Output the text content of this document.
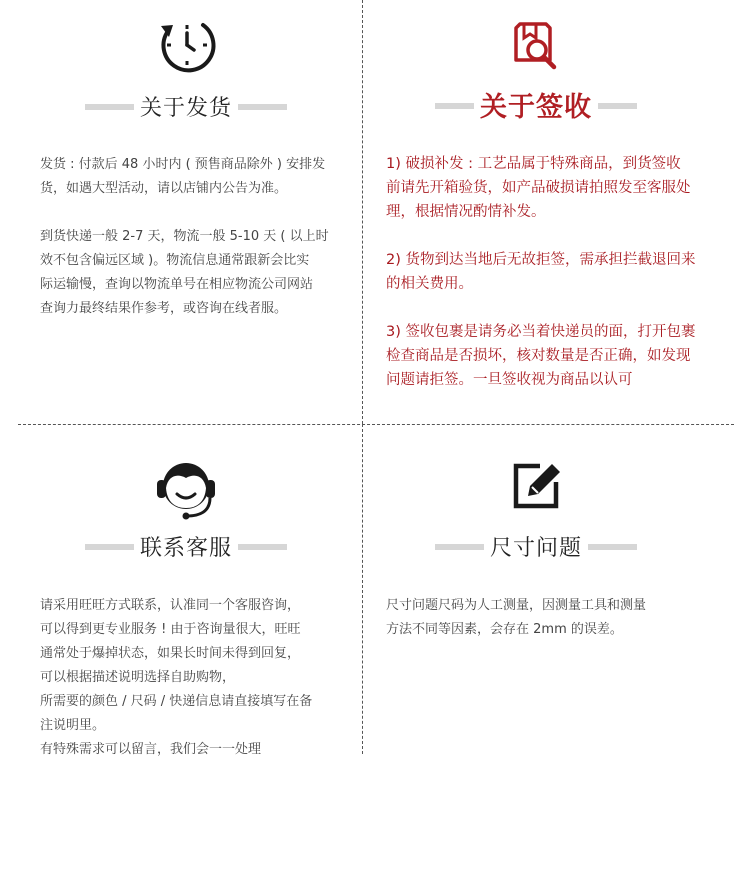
关于发货

发货 : 付款后 48 小时内 ( 预售商品除外 ) 安排发

货，如遇大型活动，请以店铺内公告为准。

到货快递一般 2-7 天，物流一般 5-10 天 ( 以上时

效不包含偏远区域 )。物流信息通常跟新会比实

际运输慢，查询以物流单号在相应物流公司网站

查询力最终结果作参考，或咨询在线者服。

关于签收

1) 破损补发 : 工艺品属于特殊商品，到货签收

前请先开箱验货，如产品破损请拍照发至客服处

理，根据情况酌情补发。

2) 货物到达当地后无故拒签，需承担拦截退回来

的相关费用。

3) 签收包裹是请务必当着快递员的面，打开包裹

检查商品是否损坏，核对数量是否正确，如发现

问题请拒签。一旦签收视为商品以认可

联系客服

请采用旺旺方式联系，认准同一个客服咨询，

可以得到更专业服务 ! 由于咨询量很大，旺旺

通常处于爆掉状态，如果长时间未得到回复，

可以根据描述说明选择自助购物，

所需要的颜色 / 尺码 / 快递信息请直接填写在备

注说明里。

有特殊需求可以留言，我们会一一处理

尺寸问题

尺寸问题尺码为人工测量，因测量工具和测量

方法不同等因素，会存在 2mm 的误差。
